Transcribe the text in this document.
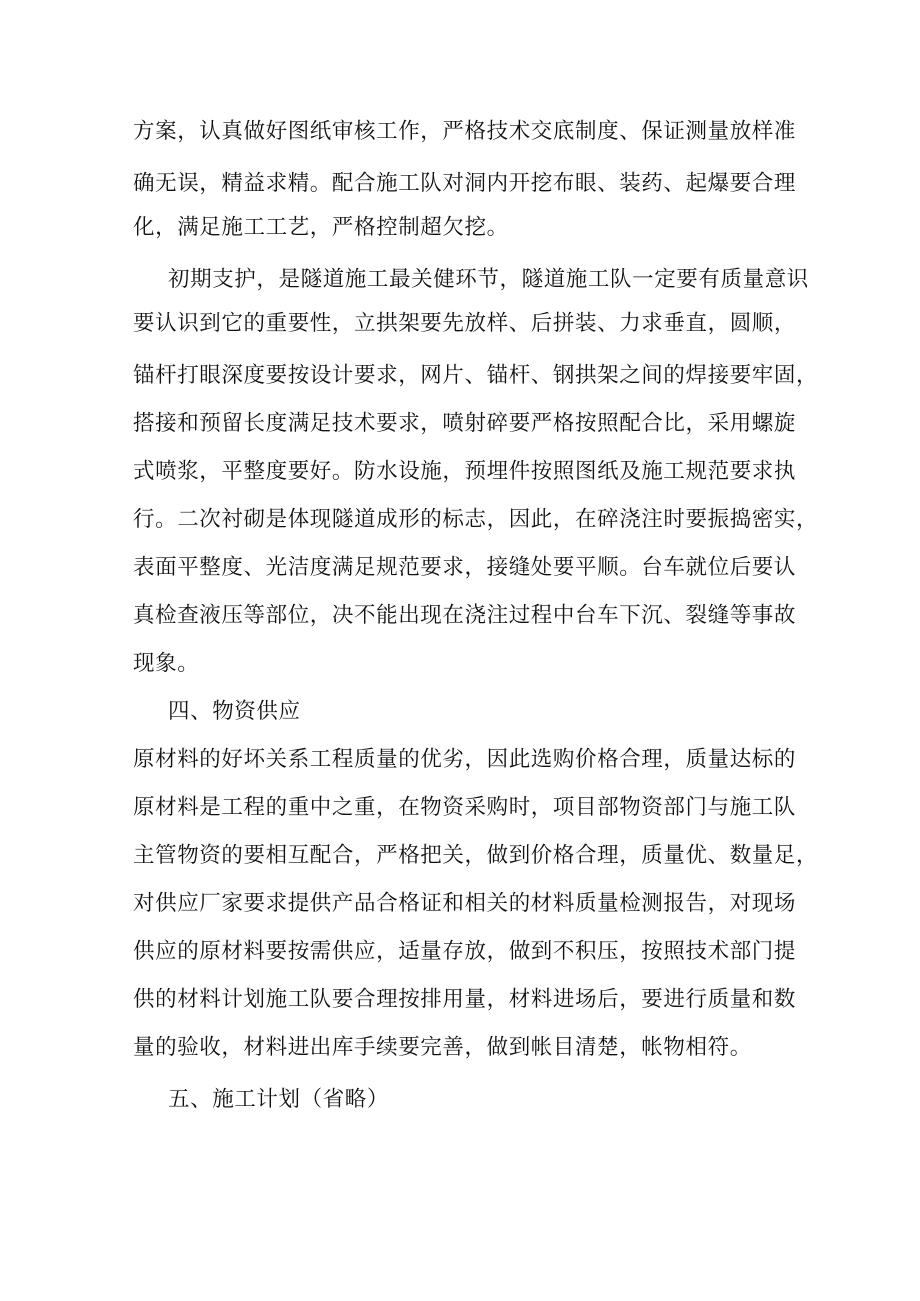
方案，认真做好图纸审核工作，严格技术交底制度、保证测量放样准
确无误，精益求精。配合施工队对洞内开挖布眼、装药、起爆要合理
化，满足施工工艺，严格控制超欠挖。
初期支护，是隧道施工最关健环节，隧道施工队一定要有质量意识
要认识到它的重要性，立拱架要先放样、后拼装、力求垂直，圆顺，
锚杆打眼深度要按设计要求，网片、锚杆、钢拱架之间的焊接要牢固，
搭接和预留长度满足技术要求，喷射碎要严格按照配合比，采用螺旋
式喷浆，平整度要好。防水设施，预埋件按照图纸及施工规范要求执
行。二次衬砌是体现隧道成形的标志，因此，在碎浇注时要振捣密实，
表面平整度、光洁度满足规范要求，接缝处要平顺。台车就位后要认
真检查液压等部位，决不能出现在浇注过程中台车下沉、裂缝等事故
现象。
四、物资供应
原材料的好坏关系工程质量的优劣，因此选购价格合理，质量达标的
原材料是工程的重中之重，在物资采购时，项目部物资部门与施工队
主管物资的要相互配合，严格把关，做到价格合理，质量优、数量足，
对供应厂家要求提供产品合格证和相关的材料质量检测报告，对现场
供应的原材料要按需供应，适量存放，做到不积压，按照技术部门提
供的材料计划施工队要合理按排用量，材料进场后，要进行质量和数
量的验收，材料进出库手续要完善，做到帐目清楚，帐物相符。
五、施工计划（省略）
